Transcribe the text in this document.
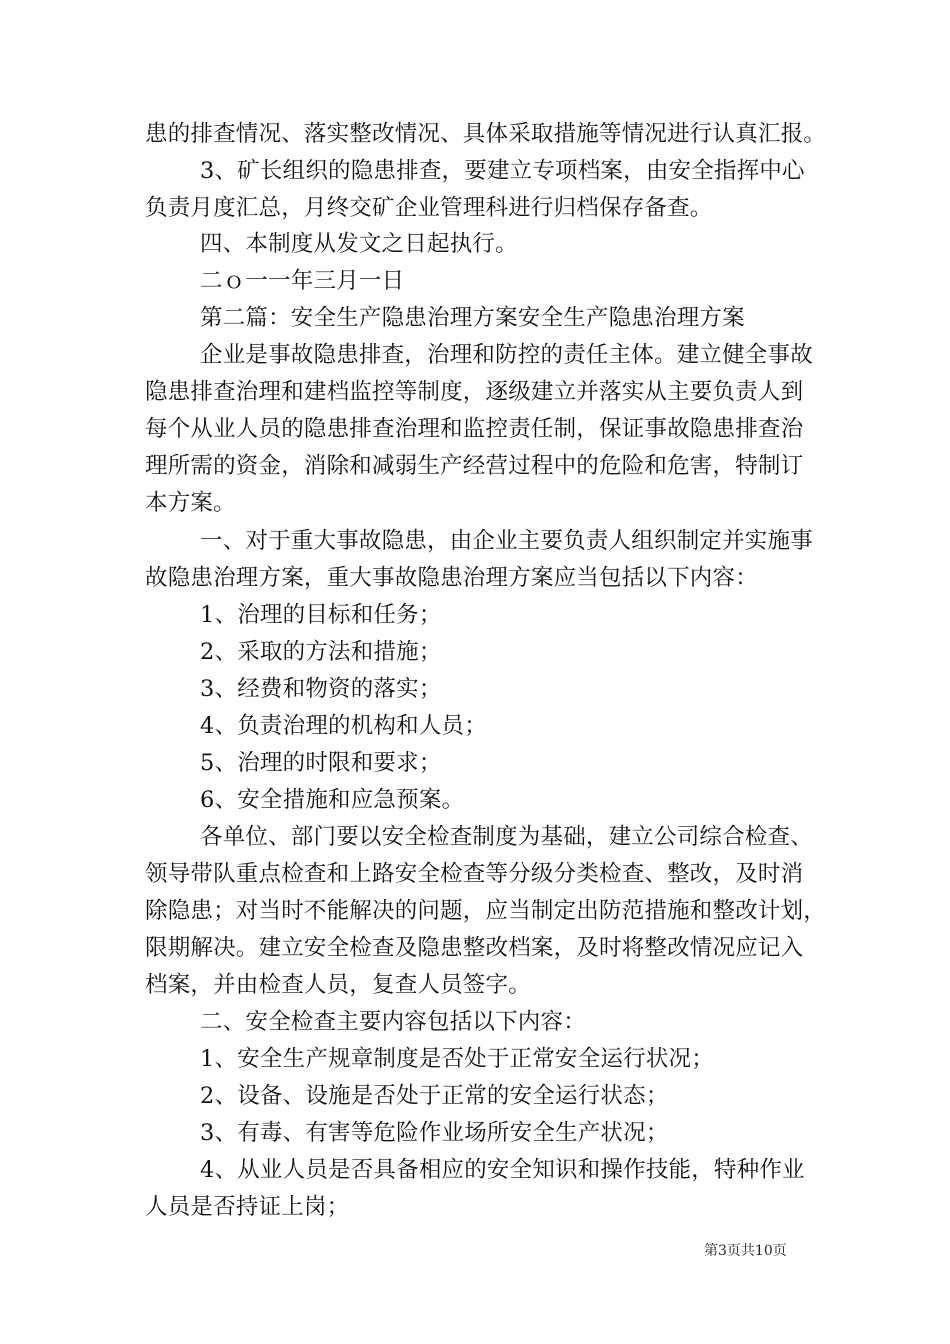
患的排查情况、落实整改情况、具体采取措施等情况进行认真汇报。
3、矿长组织的隐患排查，要建立专项档案，由安全指挥中心
负责月度汇总，月终交矿企业管理科进行归档保存备查。
四、本制度从发文之日起执行。
二ｏ一一年三月一日
第二篇：安全生产隐患治理方案安全生产隐患治理方案
企业是事故隐患排查，治理和防控的责任主体。建立健全事故
隐患排查治理和建档监控等制度，逐级建立并落实从主要负责人到
每个从业人员的隐患排查治理和监控责任制，保证事故隐患排查治
理所需的资金，消除和减弱生产经营过程中的危险和危害，特制订
本方案。
一、对于重大事故隐患，由企业主要负责人组织制定并实施事
故隐患治理方案，重大事故隐患治理方案应当包括以下内容：
1、治理的目标和任务；
2、采取的方法和措施；
3、经费和物资的落实；
4、负责治理的机构和人员；
5、治理的时限和要求；
6、安全措施和应急预案。
各单位、部门要以安全检查制度为基础，建立公司综合检查、
领导带队重点检查和上路安全检查等分级分类检查、整改，及时消
除隐患；对当时不能解决的问题，应当制定出防范措施和整改计划，
限期解决。建立安全检查及隐患整改档案，及时将整改情况应记入
档案，并由检查人员，复查人员签字。
二、安全检查主要内容包括以下内容：
1、安全生产规章制度是否处于正常安全运行状况；
2、设备、设施是否处于正常的安全运行状态；
3、有毒、有害等危险作业场所安全生产状况；
4、从业人员是否具备相应的安全知识和操作技能，特种作业
人员是否持证上岗；
第3页共10页
